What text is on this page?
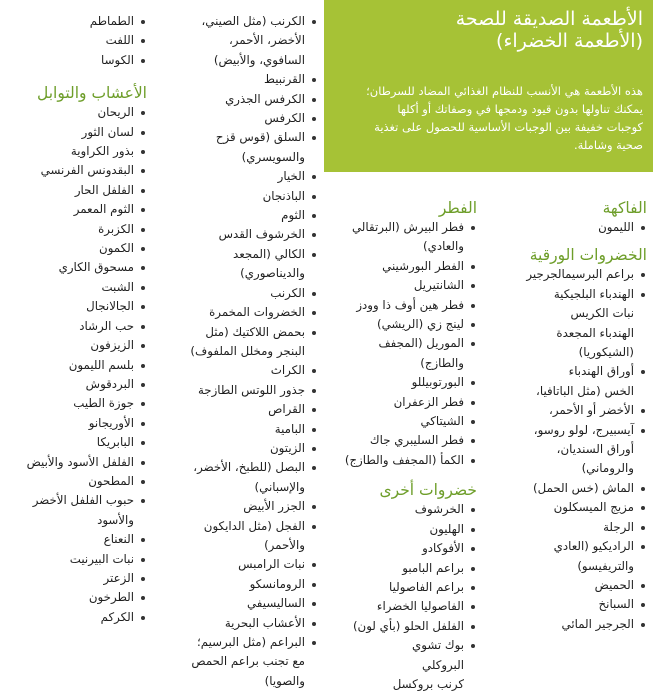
الأطعمة الصديقة للصحة
(الأطعمة الخضراء)
هذه الأطعمة هي الأنسب للنظام الغذائي المضاد للسرطان؛
يمكنك تناولها بدون قيود ودمجها في وصفاتك أو أكلها
كوجبات خفيفة بين الوجبات الأساسية للحصول على تغذية
صحية وشاملة.
الفاكهة
الليمون
الخضروات الورقية
براعم البرسيمالجرجير
الهندباء البلجيكية
نبات الكريس
الهندباء المجعدة
(الشيكوريا)
أوراق الهندباء
الخس (مثل الباتافيا،
الأخضر أو الأحمر،
آيسبيرج، لولو روسو،
أوراق السنديان،
والروماني)
الماش (خس الحمل)
مزيج الميسكلون
الرجلة
الراديكيو (العادي
والتريفيسو)
الحميض
السبانخ
الجرجير المائي
الفطر
فطر البيرش (البرتقالي
والعادي)
الفطر البورشيني
الشانتيريل
فطر هين أوف ذا وودز
لينج زي (الريشي)
الموريل (المجفف
والطازج)
البورتوبيللو
فطر الزعفران
الشيتاكي
فطر السليبري جاك
الكمأ (المجفف والطازج)
خضروات أخرى
الخرشوف
الهليون
الأفوكادو
براعم البامبو
براعم الفاصوليا
الفاصوليا الخضراء
الفلفل الحلو (بأي لون)
بوك تشوي
البروكلي
كرنب بروكسل
الكرنب (مثل الصيني،
الأخضر، الأحمر،
السافوي، والأبيض)
القرنبيط
الكرفس الجذري
الكرفس
السلق (قوس قزح
والسويسري)
الخيار
الباذنجان
الثوم
الخرشوف القدس
الكالي (المجعد
والديناصوري)
الكرنب
الخضروات المخمرة
بحمض اللاكتيك (مثل
البنجر ومخلل الملفوف)
الكراث
جذور اللوتس الطازجة
القراص
البامية
الزيتون
البصل (للطبخ، الأخضر،
والإسباني)
الجزر الأبيض
الفجل (مثل الدايكون
والأحمر)
نبات الرامبس
الرومانسكو
الساليسيفي
الأعشاب البحرية
البراعم (مثل البرسيم؛
مع تجنب براعم الحمص
والصويا)
الطماطم
اللفت
الكوسا
الأعشاب والتوابل
الريحان
لسان الثور
بذور الكراوية
البقدونس الفرنسي
الفلفل الحار
الثوم المعمر
الكزبرة
الكمون
مسحوق الكاري
الشبت
الجالانجال
حب الرشاد
الزيزفون
بلسم الليمون
البردقوش
جوزة الطيب
الأوريجانو
البابريكا
الفلفل الأسود والأبيض
المطحون
حبوب الفلفل الأخضر
والأسود
النعناع
نبات البيرنيت
الزعتر
الطرخون
الكركم
